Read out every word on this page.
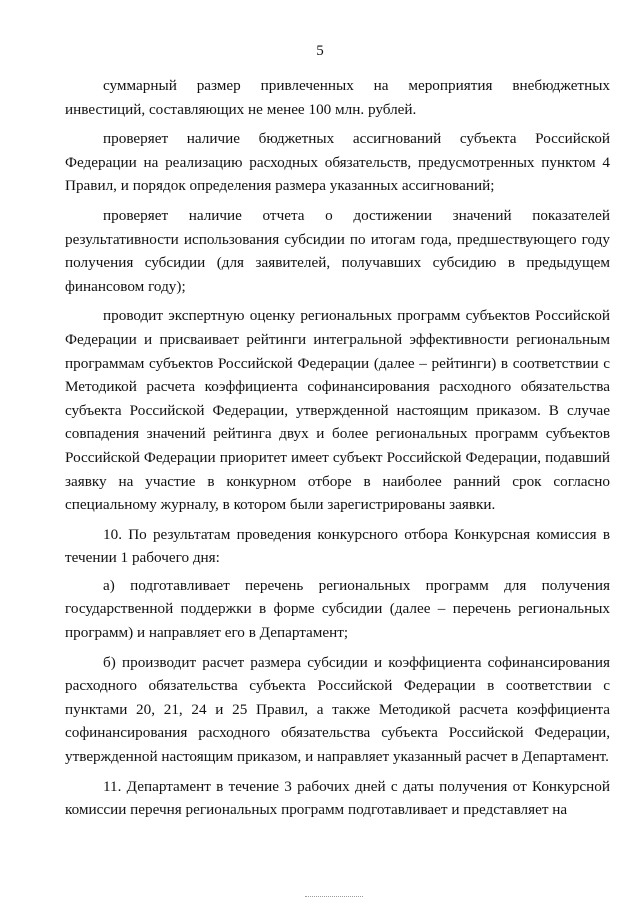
5

суммарный размер привлеченных на мероприятия внебюджетных инвестиций, составляющих не менее 100 млн. рублей.

проверяет наличие бюджетных ассигнований субъекта Российской Федерации на реализацию расходных обязательств, предусмотренных пунктом 4 Правил, и порядок определения размера указанных ассигнований;

проверяет наличие отчета о достижении значений показателей результативности использования субсидии по итогам года, предшествующего году получения субсидии (для заявителей, получавших субсидию в предыдущем финансовом году);

проводит экспертную оценку региональных программ субъектов Российской Федерации и присваивает рейтинги интегральной эффективности региональным программам субъектов Российской Федерации (далее – рейтинги) в соответствии с Методикой расчета коэффициента софинансирования расходного обязательства субъекта Российской Федерации, утвержденной настоящим приказом. В случае совпадения значений рейтинга двух и более региональных программ субъектов Российской Федерации приоритет имеет субъект Российской Федерации, подавший заявку на участие в конкурном отборе в наиболее ранний срок согласно специальному журналу, в котором были зарегистрированы заявки.

10. По результатам проведения конкурсного отбора Конкурсная комиссия в течении 1 рабочего дня:

а) подготавливает перечень региональных программ для получения государственной поддержки в форме субсидии (далее – перечень региональных программ) и направляет его в Департамент;

б) производит расчет размера субсидии и коэффициента софинансирования расходного обязательства субъекта Российской Федерации в соответствии с пунктами 20, 21, 24 и 25 Правил, а также Методикой расчета коэффициента софинансирования расходного обязательства субъекта Российской Федерации, утвержденной настоящим приказом, и направляет указанный расчет в Департамент.

11. Департамент в течение 3 рабочих дней с даты получения от Конкурсной комиссии перечня региональных программ подготавливает и представляет на
